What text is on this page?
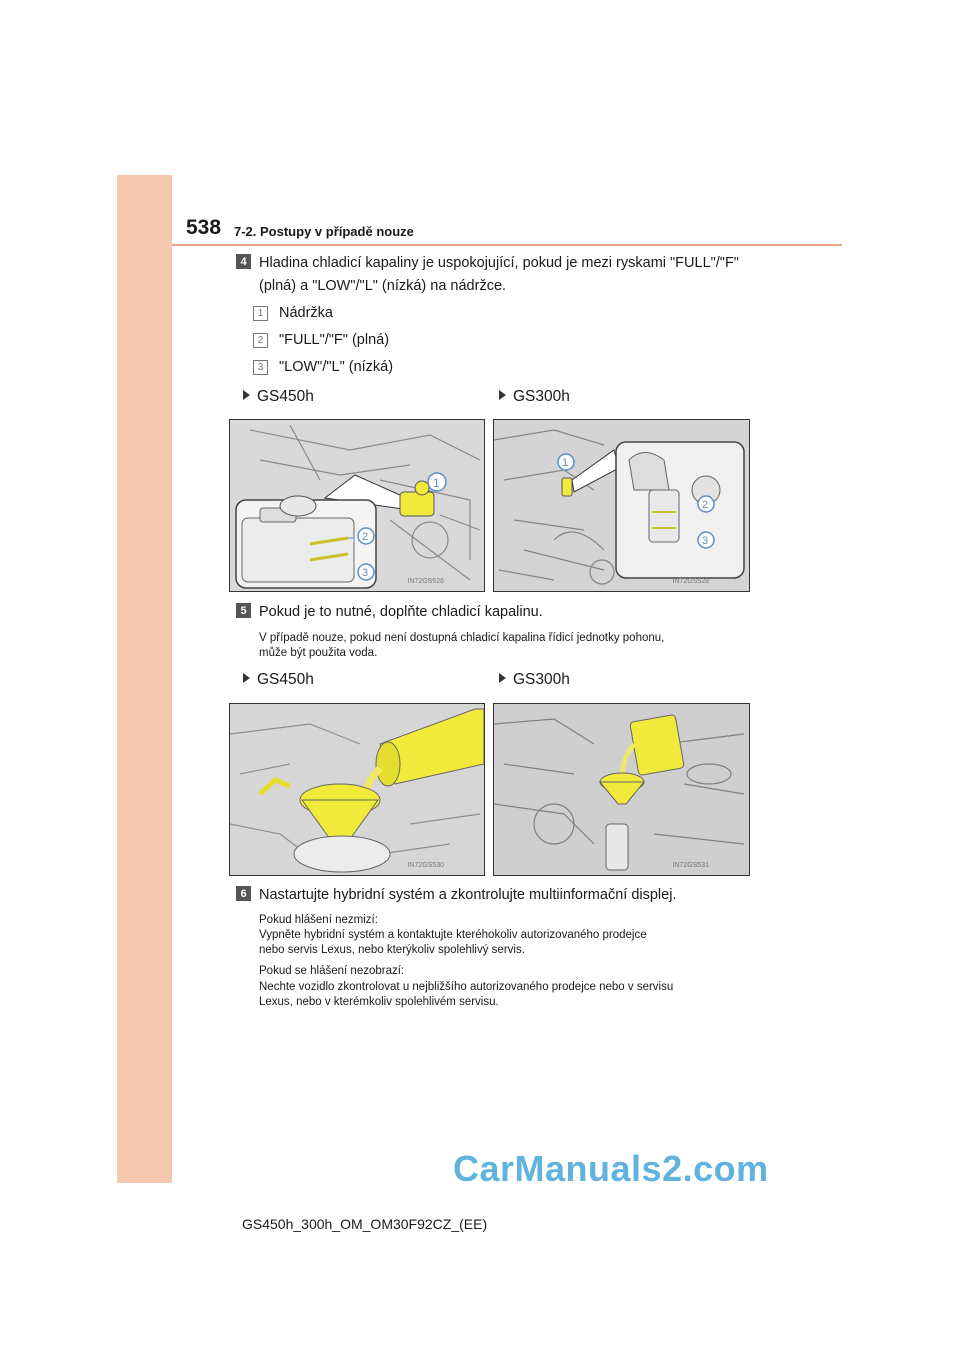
538 7-2. Postupy v případě nouze
4 Hladina chladicí kapaliny je uspokojující, pokud je mezi ryskami "FULL"/"F"
(plná) a "LOW"/"L" (nízká) na nádržce.
1	Nádržka
2	"FULL"/"F" (plná)
3	"LOW"/"L" (nízká)
GS450h	GS300h
1
2
3
IN72GS526
1
2
3
IN72GS528
5 Pokud je to nutné, doplňte chladicí kapalinu.
V případě nouze, pokud není dostupná chladicí kapalina řídicí jednotky pohonu,
může být použita voda.
GS450h	GS300h
IN72GS530	IN72GS531
6 Nastartujte hybridní systém a zkontrolujte multiinformační displej.
Pokud hlášení nezmizí:
Vypněte hybridní systém a kontaktujte kteréhokoliv autorizovaného prodejce
nebo servis Lexus, nebo kterýkoliv spolehlivý servis.
Pokud se hlášení nezobrazí:
Nechte vozidlo zkontrolovat u nejbližšího autorizovaného prodejce nebo v servisu
Lexus, nebo v kterémkoliv spolehlivém servisu.
CarManuals2.com
GS450h_300h_OM_OM30F92CZ_(EE)
